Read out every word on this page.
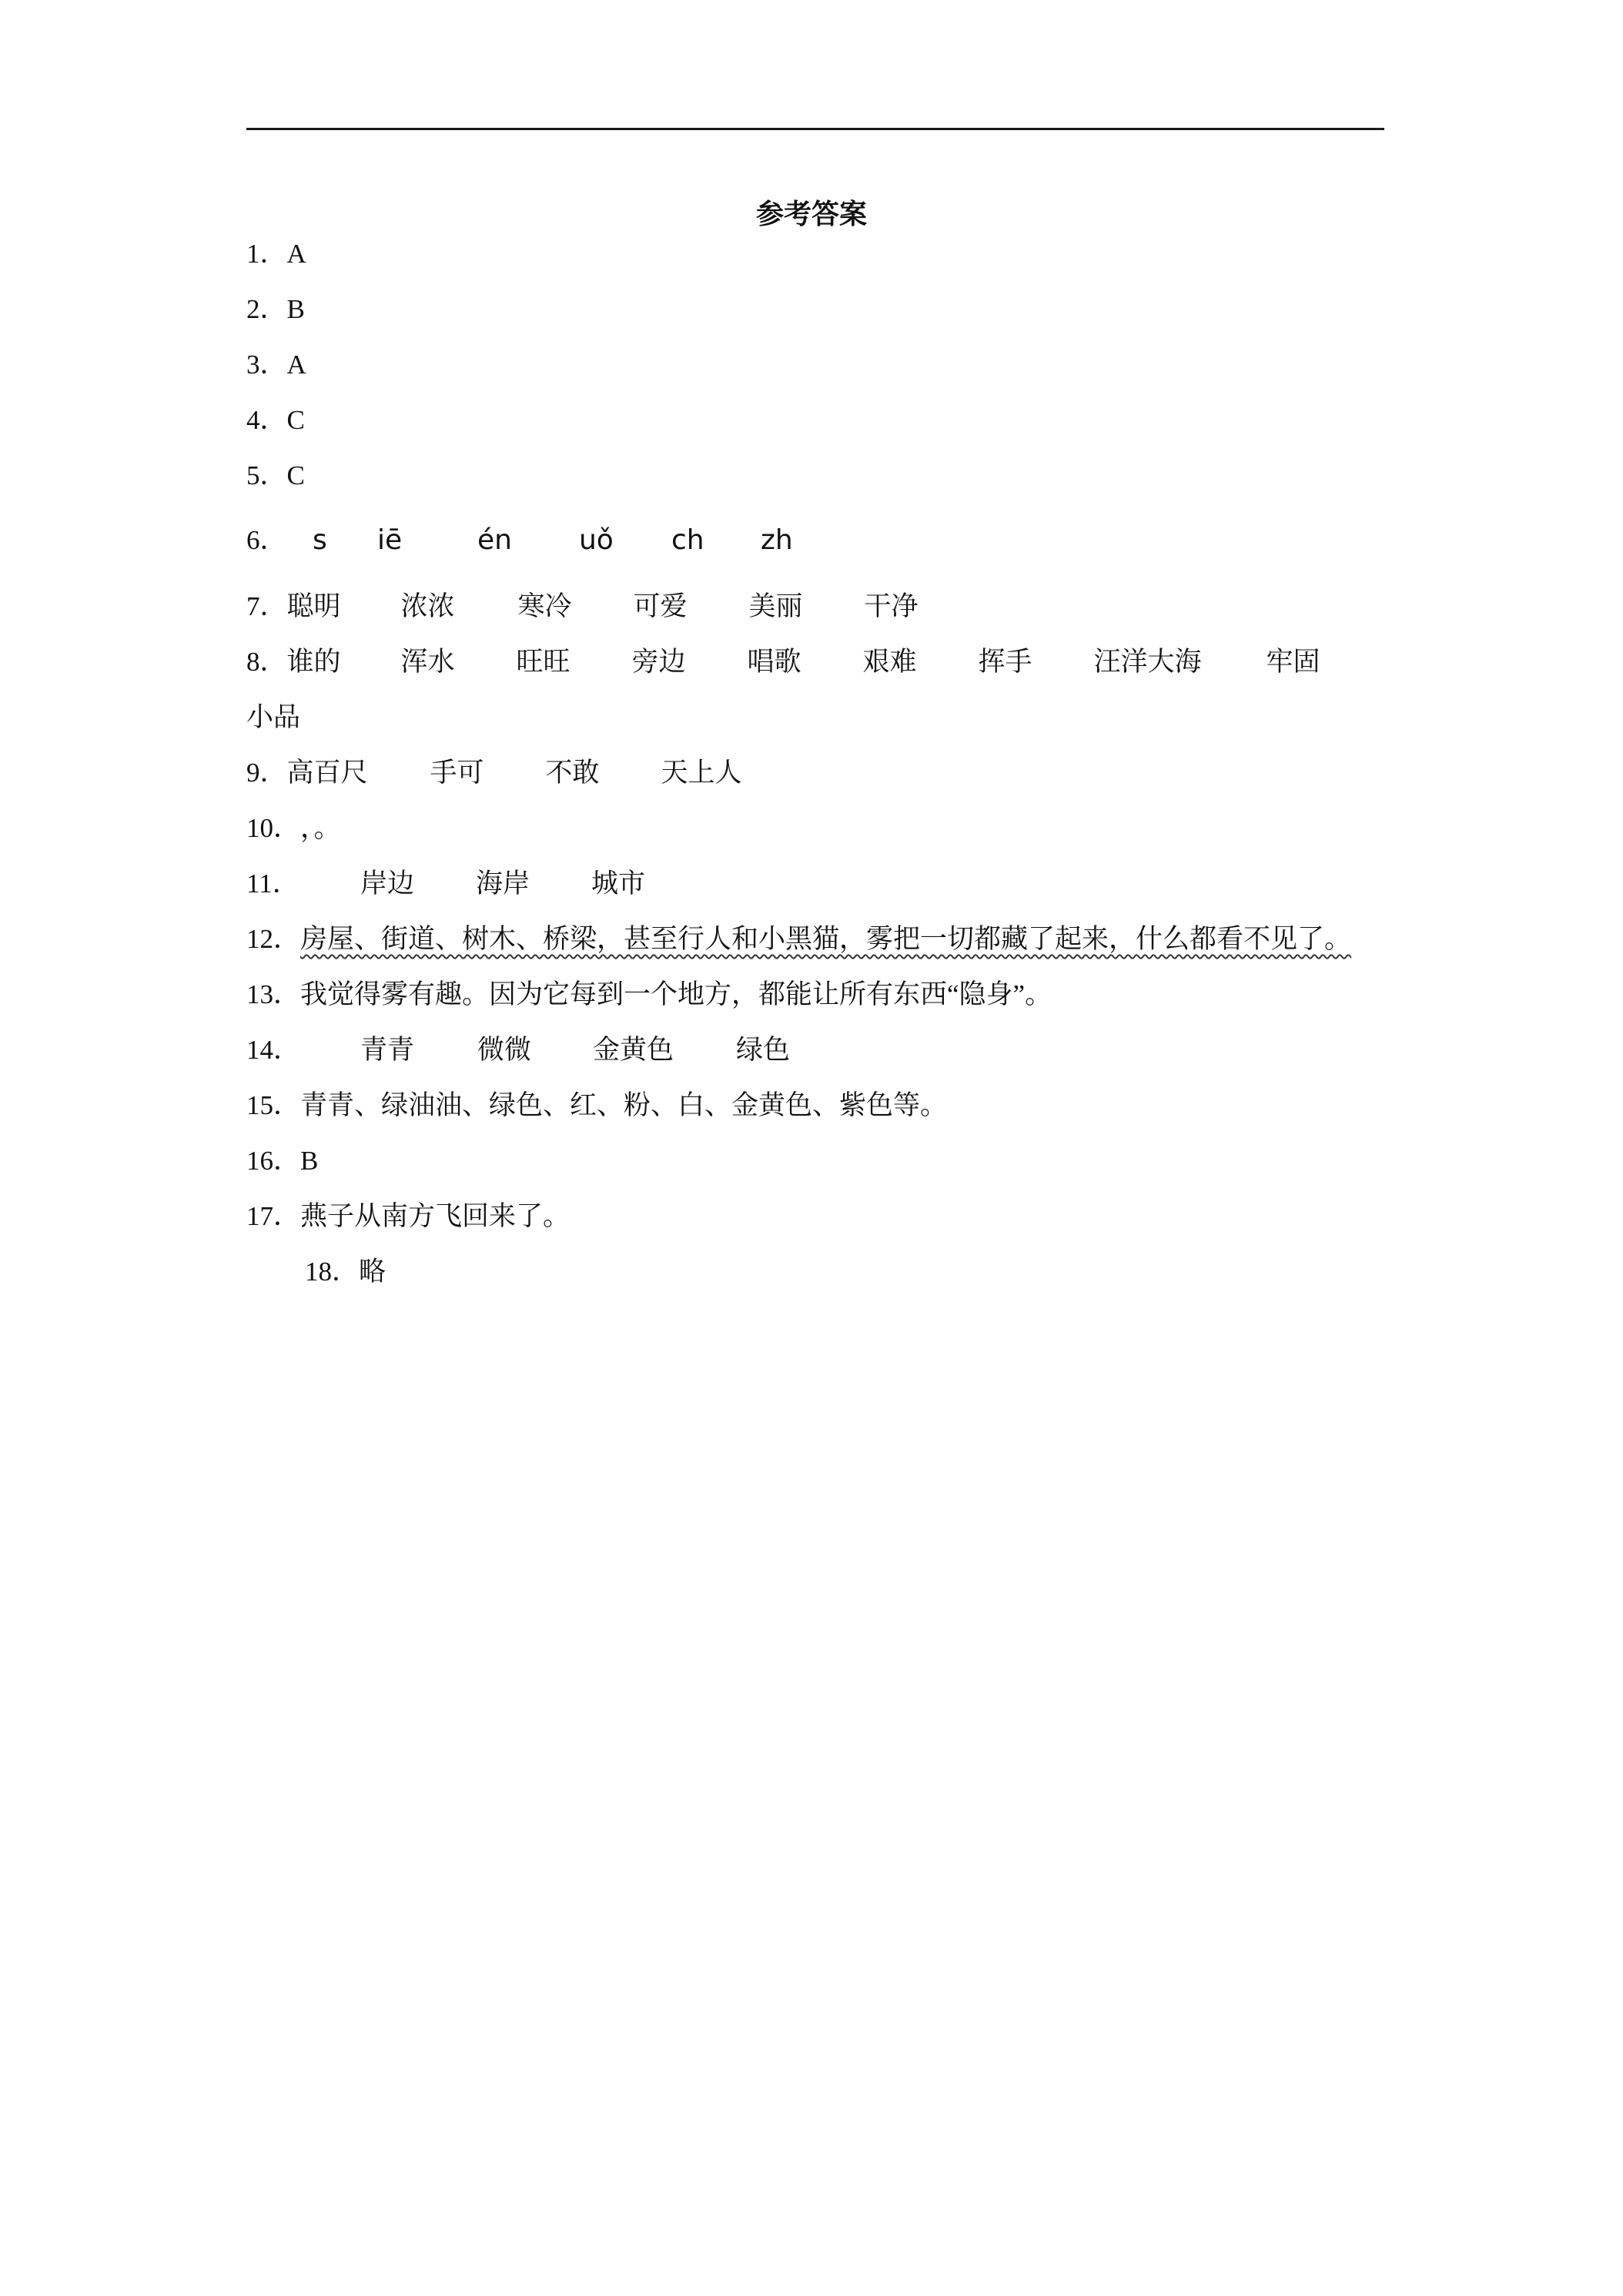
参考答案
1．A
2．B
3．A
4．C
5．C
6． s iē	én uǒ ch zh
7．聪明 浓浓 寒冷 可爱 美丽 干净
8．谁的 浑水 旺旺 旁边 唱歌 艰难 挥手 汪洋大海 牢固
小品
9．高百尺 手可 不敢 天上人
10．，。
11． 岸边 海岸 城市
12．房屋、街道、树木、桥梁，甚至行人和小黑猫，雾把一切都藏了起来，什么都看不见了。
13．我觉得雾有趣。因为它每到一个地方，都能让所有东西“隐身”。
14． 青青 微微 金黄色 绿色
15．青青、绿油油、绿色、红、粉、白、金黄色、紫色等。
16．B
17．燕子从南方飞回来了。
18．略
